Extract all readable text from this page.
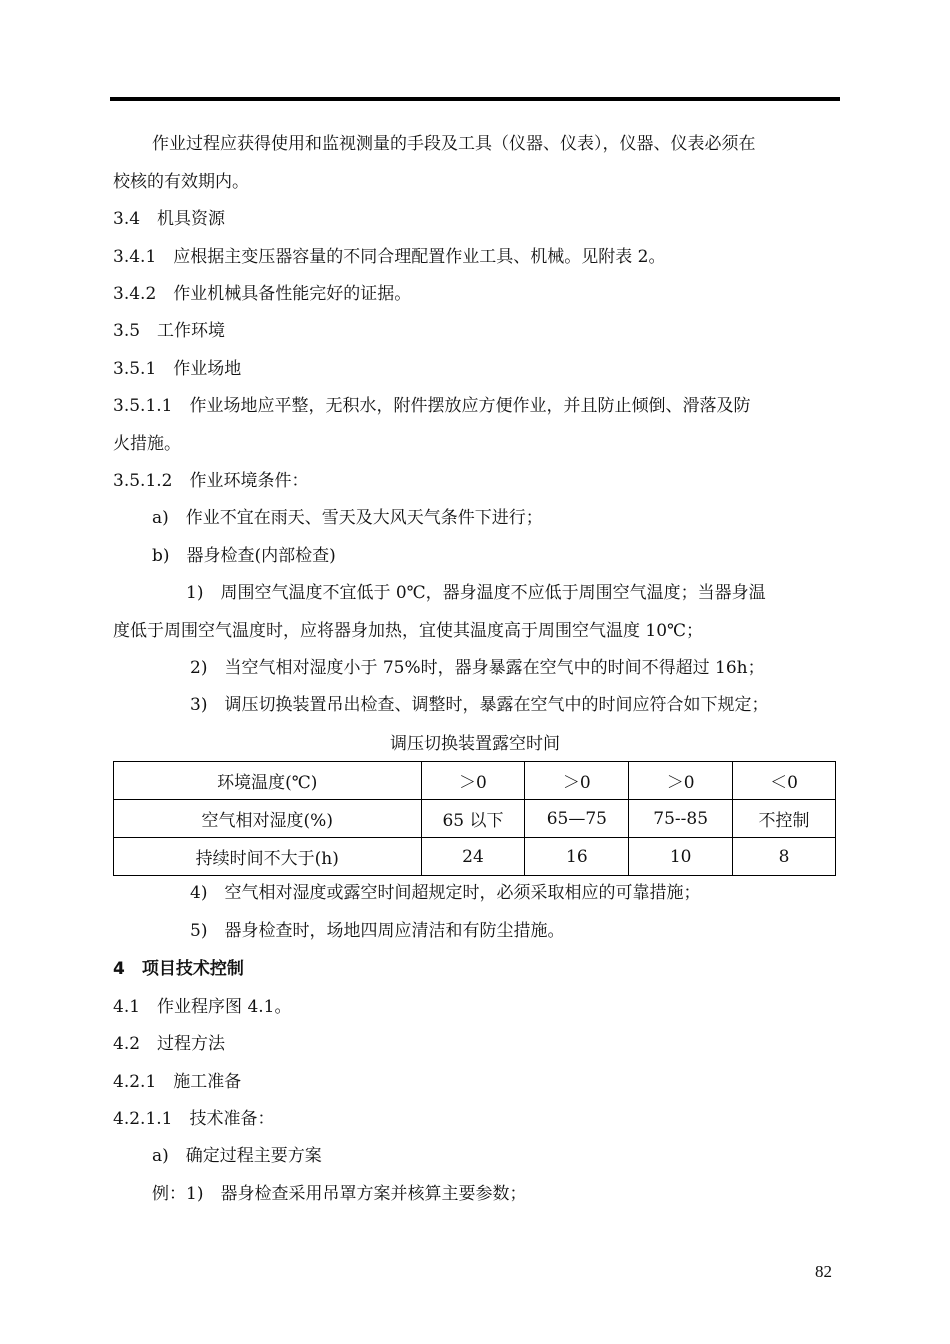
作业过程应获得使用和监视测量的手段及工具（仪器、仪表），仪器、仪表必须在
校核的有效期内。
3.4　机具资源
3.4.1　应根据主变压器容量的不同合理配置作业工具、机械。见附表 2。
3.4.2　作业机械具备性能完好的证据。
3.5　工作环境
3.5.1　作业场地
3.5.1.1　作业场地应平整，无积水，附件摆放应方便作业，并且防止倾倒、滑落及防
火措施。
3.5.1.2　作业环境条件：
a)　作业不宜在雨天、雪天及大风天气条件下进行；
b)　器身检查(内部检查)
1)　周围空气温度不宜低于 0℃，器身温度不应低于周围空气温度；当器身温
度低于周围空气温度时，应将器身加热，宜使其温度高于周围空气温度 10℃；
2)　当空气相对湿度小于 75%时，器身暴露在空气中的时间不得超过 16h；
3)　调压切换装置吊出检查、调整时，暴露在空气中的时间应符合如下规定；
4)　空气相对湿度或露空时间超规定时，必须采取相应的可靠措施；
5)　器身检查时，场地四周应清洁和有防尘措施。
4　项目技术控制
4.1　作业程序图 4.1。
4.2　过程方法
4.2.1　施工准备
4.2.1.1　技术准备：
a)　确定过程主要方案
例：1)　器身检查采用吊罩方案并核算主要参数；
调压切换装置露空时间
环境温度(℃)	＞0	＞0	＞0	＜0
空气相对湿度(%)	65 以下	65—75	75--85	不控制
持续时间不大于(h)	24	16	10	8
82
